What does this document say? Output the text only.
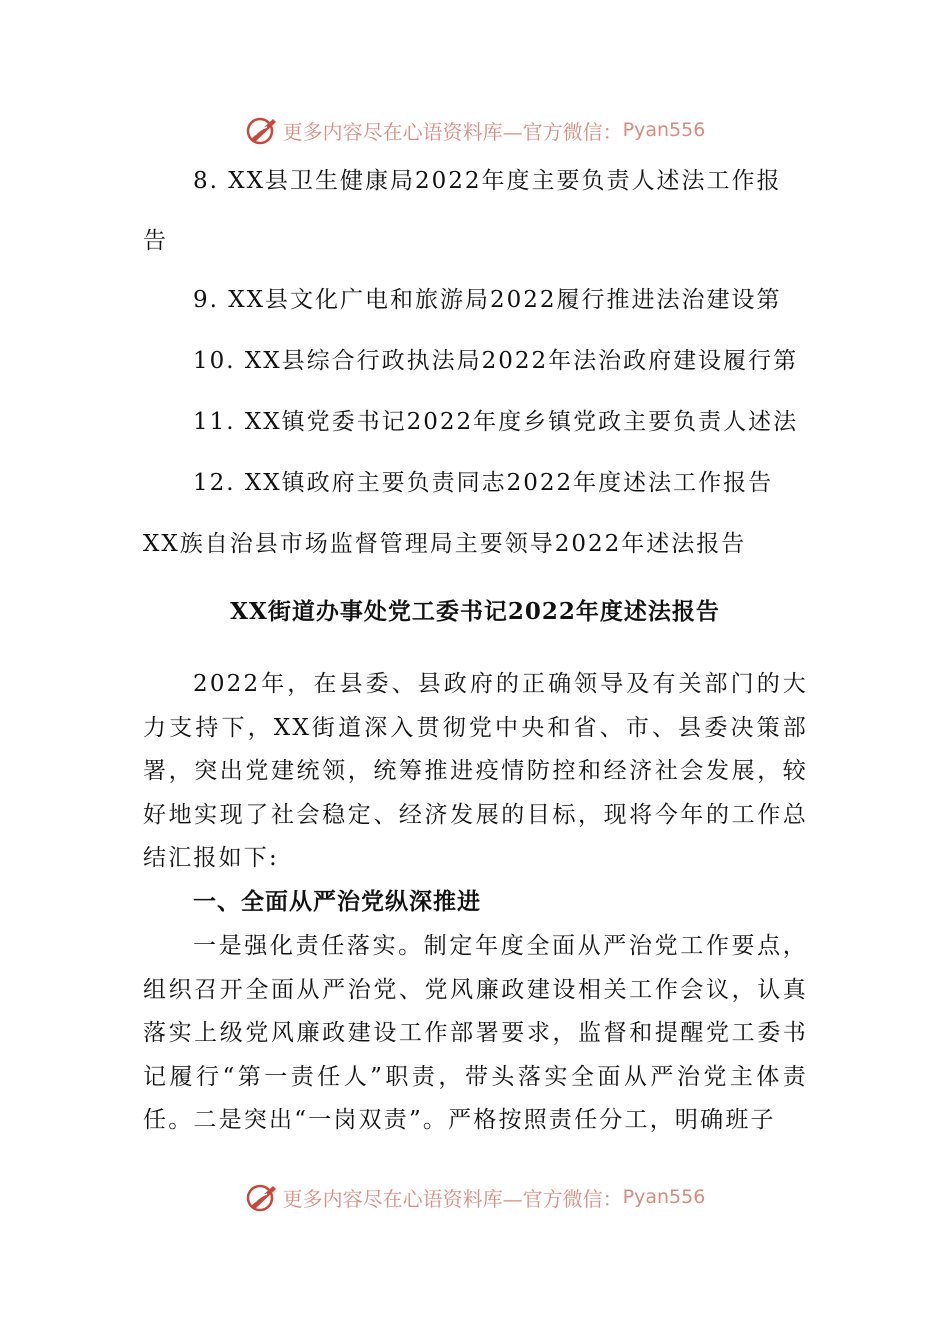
更多内容尽在心语资料库—官方微信： Pyan556
8. XX县卫生健康局2022年度主要负责人述法工作报
告
9. XX县文化广电和旅游局2022履行推进法治建设第
10. XX县综合行政执法局2022年法治政府建设履行第
11. XX镇党委书记2022年度乡镇党政主要负责人述法
12. XX镇政府主要负责同志2022年度述法工作报告
XX族自治县市场监督管理局主要领导2022年述法报告
XX街道办事处党工委书记2022年度述法报告
2022年，在县委、县政府的正确领导及有关部门的大力支持下，XX街道深入贯彻党中央和省、市、县委决策部署，突出党建统领，统筹推进疫情防控和经济社会发展，较好地实现了社会稳定、经济发展的目标，现将今年的工作总结汇报如下:
一、全面从严治党纵深推进
一是强化责任落实。制定年度全面从严治党工作要点，组织召开全面从严治党、党风廉政建设相关工作会议，认真落实上级党风廉政建设工作部署要求，监督和提醒党工委书记履行“第一责任人”职责，带头落实全面从严治党主体责任。二是突出“一岗双责”。严格按照责任分工，明确班子
更多内容尽在心语资料库—官方微信： Pyan556
